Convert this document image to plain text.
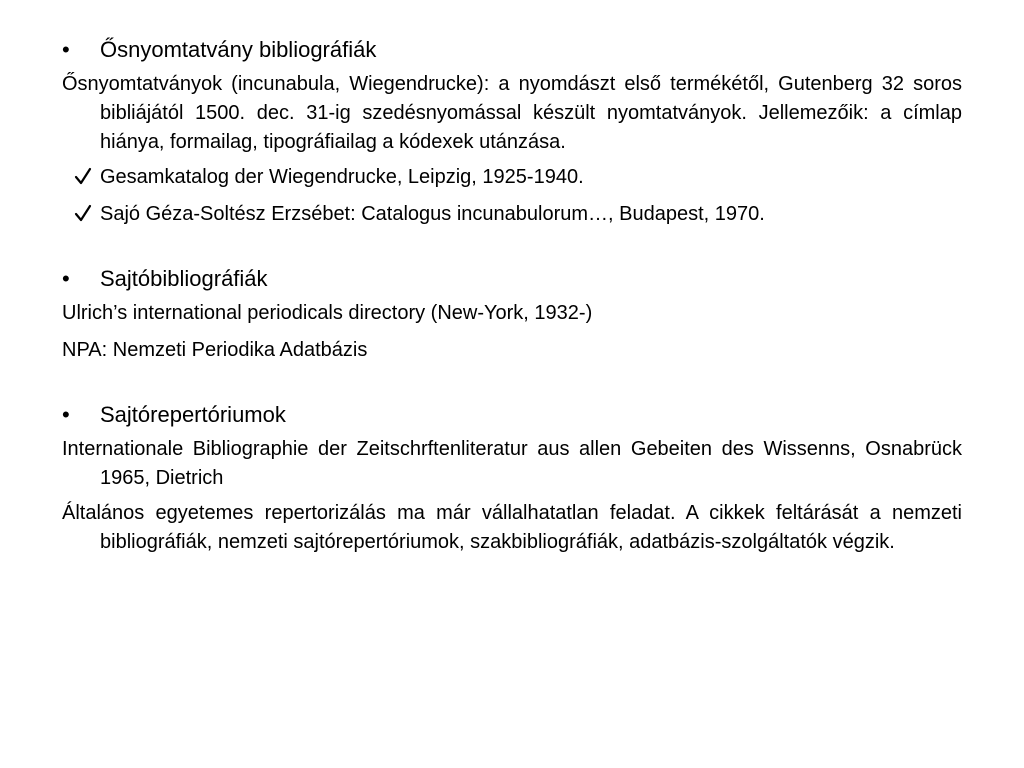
•	Ősnyomtatvány bibliográfiák

Ősnyomtatványok (incunabula, Wiegendrucke): a nyomdászt első termékétől, Gutenberg 32 soros bibliájától 1500. dec. 31-ig szedésnyomással készült nyomtatványok. Jellemezőik: a címlap hiánya, formailag, tipográfiailag a kódexek utánzása.

Gesamkatalog der Wiegendrucke, Leipzig, 1925-1940.
Sajó Géza-Soltész Erzsébet: Catalogus incunabulorum…, Budapest, 1970.
•	Sajtóbibliográfiák

Ulrich’s international periodicals directory (New-York, 1932-)

NPA: Nemzeti Periodika Adatbázis

•	Sajtórepertóriumok

Internationale Bibliographie der Zeitschrftenliteratur aus allen Gebeiten des Wissenns, Osnabrück 1965, Dietrich

Általános egyetemes repertorizálás ma már vállalhatatlan feladat. A cikkek feltárását a nemzeti bibliográfiák, nemzeti sajtórepertóriumok, szakbibliográfiák, adatbázis-szolgáltatók végzik.
